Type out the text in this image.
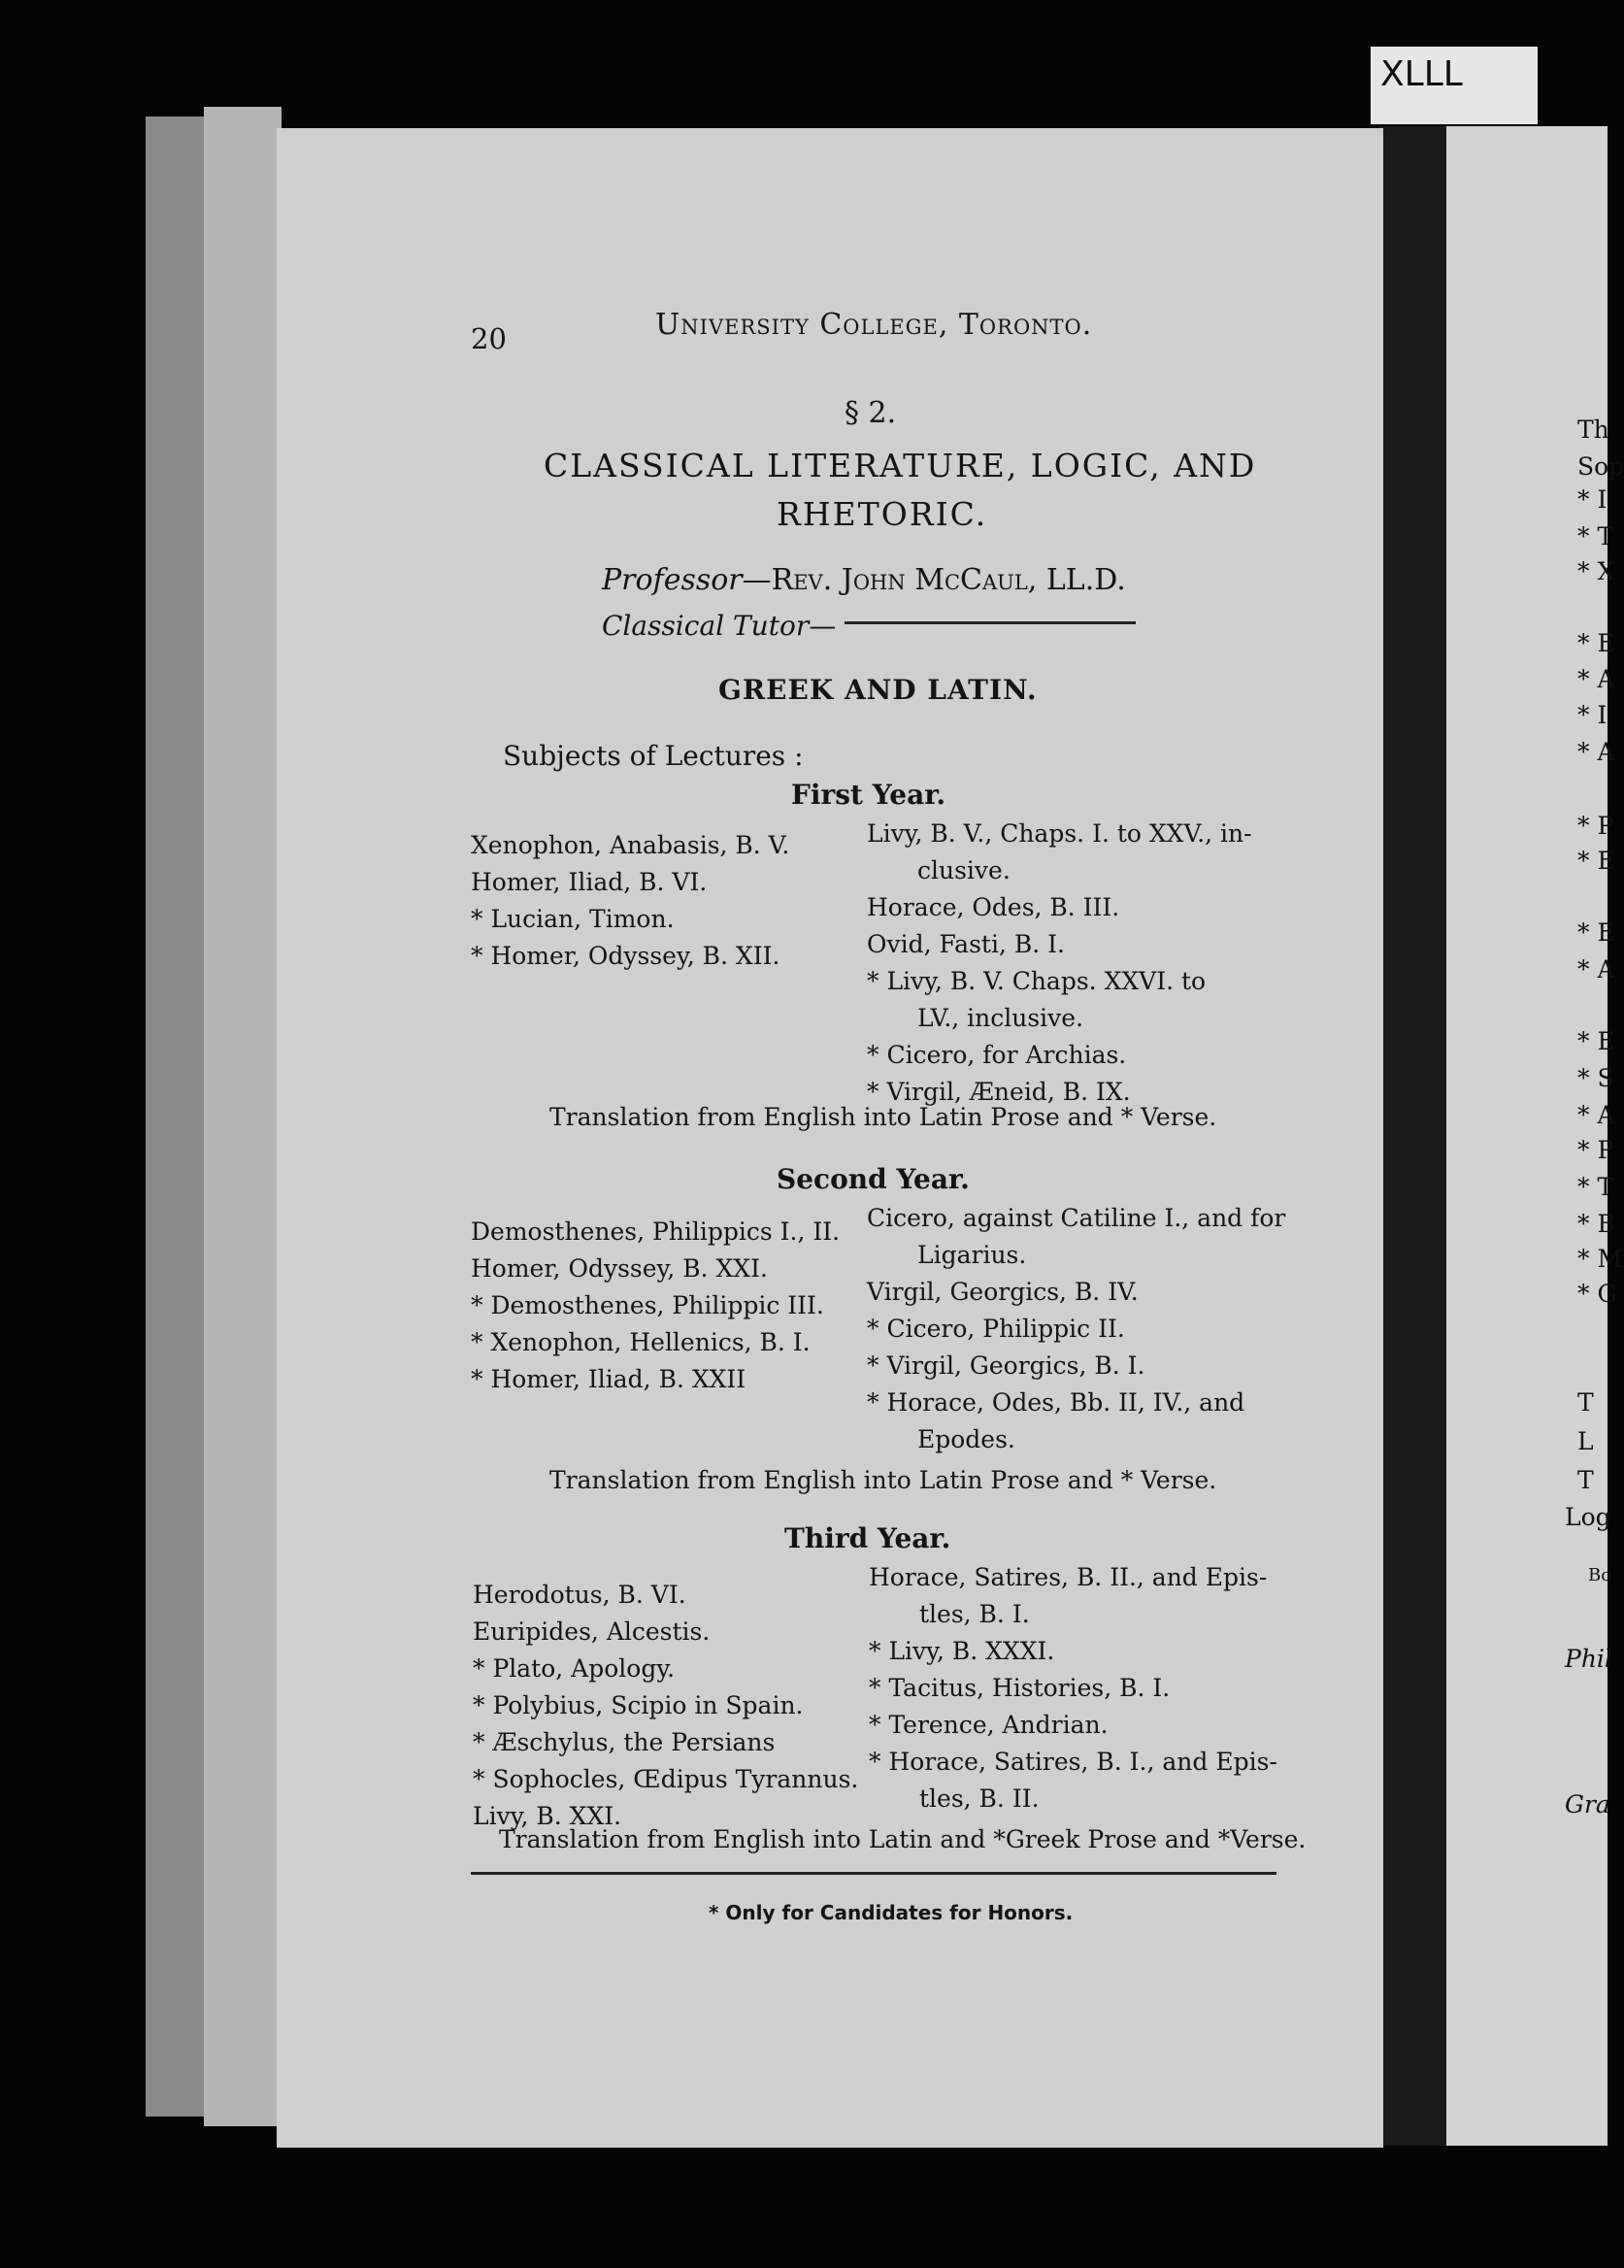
XLLL
20	University College, Toronto.
§ 2.
CLASSICAL LITERATURE, LOGIC, AND
RHETORIC.
Professor—Rev. John McCaul, LL.D.
Classical Tutor—
GREEK AND LATIN.
Subjects of Lectures :
First Year.
Xenophon, Anabasis, B. V.
Homer, Iliad, B. VI.
* Lucian, Timon.
* Homer, Odyssey, B. XII.
Livy, B. V., Chaps. I. to XXV., in-
clusive.
Horace, Odes, B. III.
Ovid, Fasti, B. I.
* Livy, B. V. Chaps. XXVI. to
LV., inclusive.
* Cicero, for Archias.
* Virgil, Æneid, B. IX.
Translation from English into Latin Prose and * Verse.
Second Year.
Demosthenes, Philippics I., II.
Homer, Odyssey, B. XXI.
* Demosthenes, Philippic III.
* Xenophon, Hellenics, B. I.
* Homer, Iliad, B. XXII
Cicero, against Catiline I., and for
Ligarius.
Virgil, Georgics, B. IV.
* Cicero, Philippic II.
* Virgil, Georgics, B. I.
* Horace, Odes, Bb. II, IV., and
Epodes.
Translation from English into Latin Prose and * Verse.
Third Year.
Herodotus, B. VI.
Euripides, Alcestis.
* Plato, Apology.
* Polybius, Scipio in Spain.
* Æschylus, the Persians
* Sophocles, Œdipus Tyrannus.
Livy, B. XXI.
Horace, Satires, B. II., and Epis-
tles, B. I.
* Livy, B. XXXI.
* Tacitus, Histories, B. I.
* Terence, Andrian.
* Horace, Satires, B. I., and Epis-
tles, B. II.
Translation from English into Latin and *Greek Prose and *Verse.
* Only for Candidates for Honors.
Th
Sop
* I
* T
* X
* E
* A
* I
* A
* P
* E
* E
* A
* E
* S
* A
* P
* T
* B
* M
* G
T
L
T
Log
Bo
Phil
Gra
